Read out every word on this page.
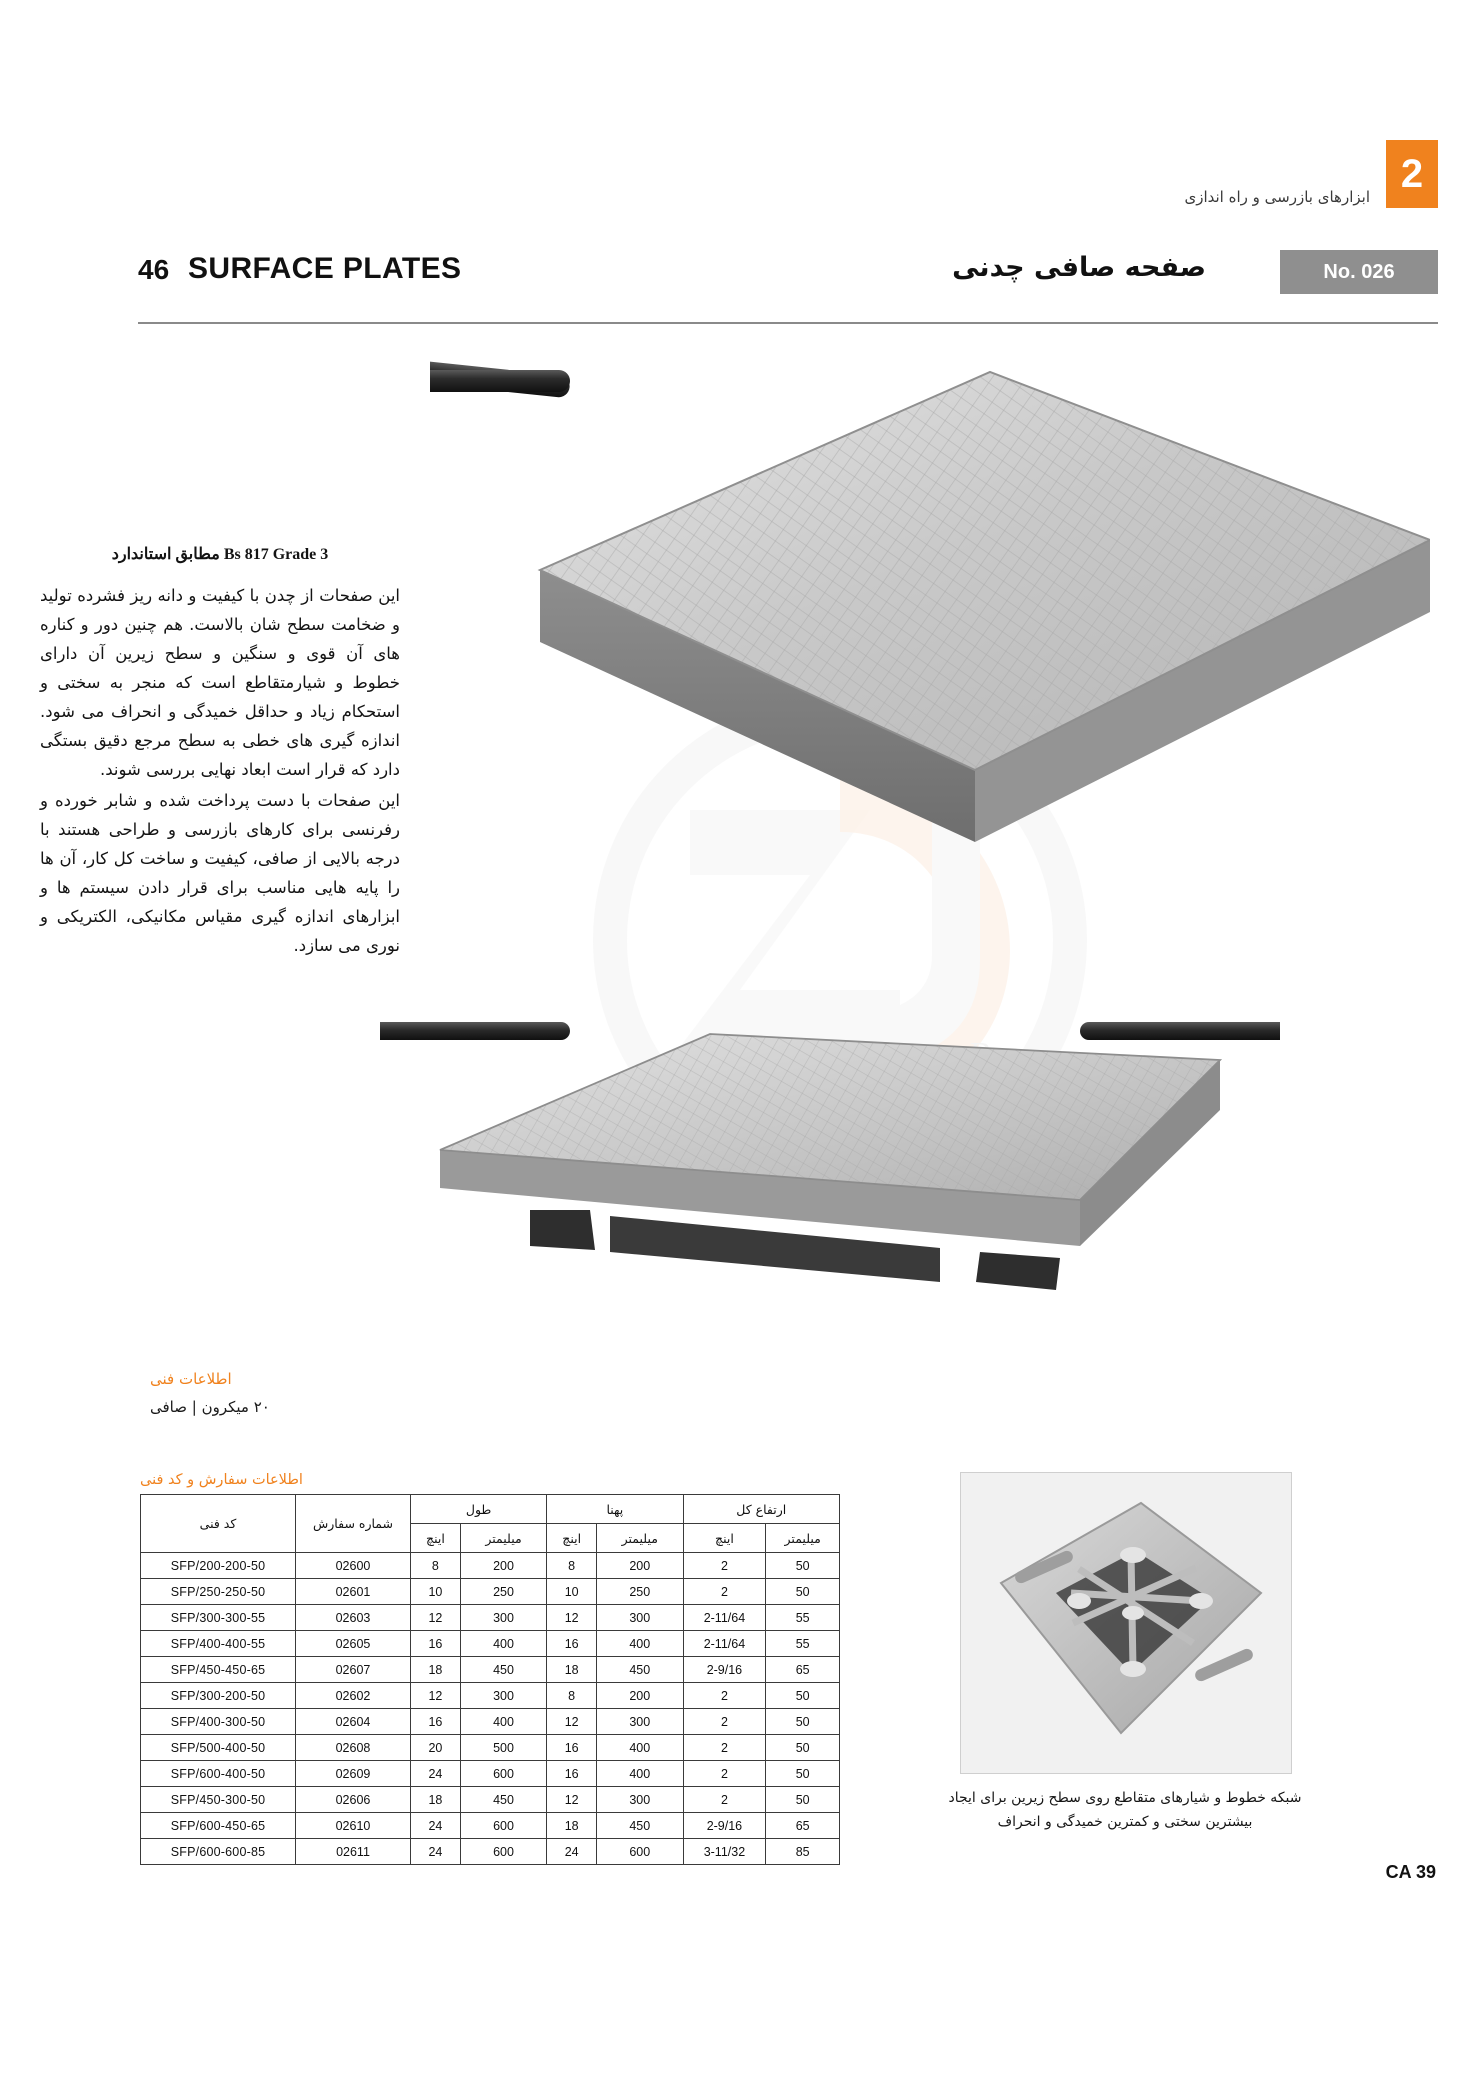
2
ابزارهای بازرسی و راه اندازی
46 SURFACE PLATES	صفحه صافی چدنی	No. 026
Bs 817 Grade 3 مطابق استاندارد

این صفحات از چدن با کیفیت و دانه ریز فشرده تولید و ضخامت سطح شان بالاست. هم چنین دور و کناره های آن قوی و سنگین و سطح زیرین آن دارای خطوط و شیارمتقاطع است که منجر به سختی و استحکام زیاد و حداقل خمیدگی و انحراف می شود. اندازه گیری های خطی به سطح مرجع دقیق بستگی دارد که قرار است ابعاد نهایی بررسی شوند.

این صفحات با دست پرداخت شده و شابر خورده و رفرنسی برای کارهای بازرسی و طراحی هستند با درجه بالایی از صافی، کیفیت و ساخت کل کار، آن ها را پایه هایی مناسب برای قرار دادن سیستم ها و ابزارهای اندازه گیری مقیاس مکانیکی، الکتریکی و نوری می سازد.

اطلاعات فنی
۲۰ میکرون | صافی
اطلاعات سفارش و کد فنی
کد فنی	شماره سفارش	طول		پهنا		ارتفاع کل	
		اینچ	میلیمتر	اینچ	میلیمتر	اینچ	میلیمتر
SFP/200-200-50	02600	8	200	8	200	2	50
SFP/250-250-50	02601	10	250	10	250	2	50
SFP/300-300-55	02603	12	300	12	300	2-11/64	55
SFP/400-400-55	02605	16	400	16	400	2-11/64	55
SFP/450-450-65	02607	18	450	18	450	2-9/16	65
SFP/300-200-50	02602	12	300	8	200	2	50
SFP/400-300-50	02604	16	400	12	300	2	50
SFP/500-400-50	02608	20	500	16	400	2	50
SFP/600-400-50	02609	24	600	16	400	2	50
SFP/450-300-50	02606	18	450	12	300	2	50
SFP/600-450-65	02610	24	600	18	450	2-9/16	65
SFP/600-600-85	02611	24	600	24	600	3-11/32	85
شبکه خطوط و شیارهای متقاطع روی سطح زیرین برای ایجاد بیشترین سختی و کمترین خمیدگی و انحراف
CA 39
